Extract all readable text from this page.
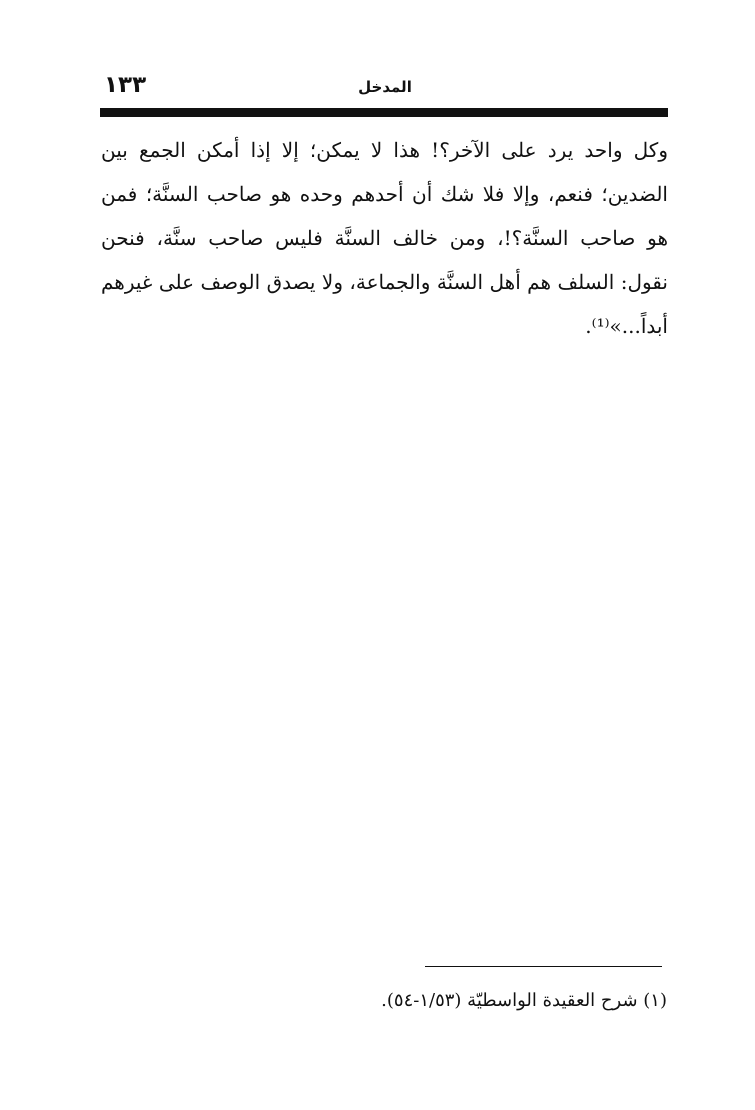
١٣٣	المدخل

وكل واحد يرد على الآخر؟! هذا لا يمكن؛ إلا إذا أمكن الجمع بين الضدين؛ فنعم، وإلا فلا شك أن أحدهم وحده هو صاحب السنَّة؛ فمن هو صاحب السنَّة؟!، ومن خالف السنَّة فليس صاحب سنَّة، فنحن نقول: السلف هم أهل السنَّة والجماعة، ولا يصدق الوصف على غيرهم أبداً...»⁽¹⁾.

(١) شرح العقيدة الواسطيّة (١/٥٣-٥٤).
